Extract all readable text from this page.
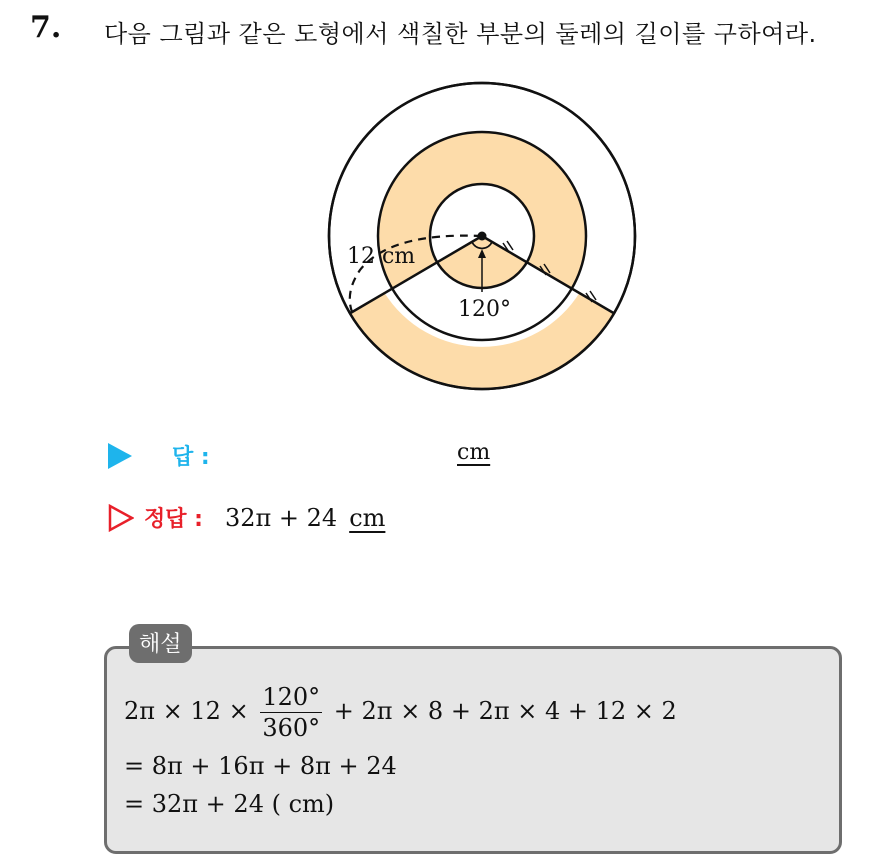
7. 다음 그림과 같은 도형에서 색칠한 부분의 둘레의 길이를 구하여라.
12 cm
120°
답 :	cm
정답 : 32π + 24 cm
해설
$2\pi \times 12 \times \frac{120^\circ}{360^\circ} + 2\pi \times 8 + 2\pi \times 4 + 12 \times 2$
= 8π + 16π + 8π + 24
= 32π + 24 ( cm)
